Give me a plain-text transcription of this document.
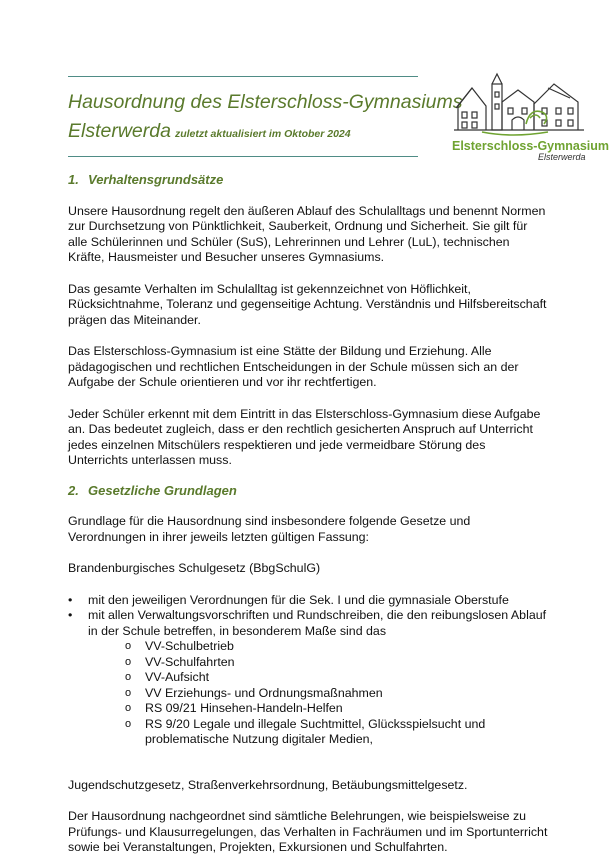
Hausordnung des Elsterschloss-Gymnasiums
Elsterwerda zuletzt aktualisiert im Oktober 2024
Elsterschloss-Gymnasium
Elsterwerda
1. Verhaltensgrundsätze

Unsere Hausordnung regelt den äußeren Ablauf des Schulalltags und benennt Normen zur Durchsetzung von Pünktlichkeit, Sauberkeit, Ordnung und Sicherheit. Sie gilt für alle Schülerinnen und Schüler (SuS), Lehrerinnen und Lehrer (LuL), technischen Kräfte, Hausmeister und Besucher unseres Gymnasiums.

Das gesamte Verhalten im Schulalltag ist gekennzeichnet von Höflichkeit, Rücksichtnahme, Toleranz und gegenseitige Achtung. Verständnis und Hilfsbereitschaft prägen das Miteinander.

Das Elsterschloss-Gymnasium ist eine Stätte der Bildung und Erziehung. Alle pädagogischen und rechtlichen Entscheidungen in der Schule müssen sich an der Aufgabe der Schule orientieren und vor ihr rechtfertigen.

Jeder Schüler erkennt mit dem Eintritt in das Elsterschloss-Gymnasium diese Aufgabe an. Das bedeutet zugleich, dass er den rechtlich gesicherten Anspruch auf Unterricht jedes einzelnen Mitschülers respektieren und jede vermeidbare Störung des Unterrichts unterlassen muss.

2. Gesetzliche Grundlagen

Grundlage für die Hausordnung sind insbesondere folgende Gesetze und Verordnungen in ihrer jeweils letzten gültigen Fassung:

Brandenburgisches Schulgesetz (BbgSchulG)

• mit den jeweiligen Verordnungen für die Sek. I und die gymnasiale Oberstufe
• mit allen Verwaltungsvorschriften und Rundschreiben, die den reibungslosen Ablauf in der Schule betreffen, in besonderem Maße sind das
o VV-Schulbetrieb
o VV-Schulfahrten
o VV-Aufsicht
o VV Erziehungs- und Ordnungsmaßnahmen
o RS 09/21 Hinsehen-Handeln-Helfen
o RS 9/20 Legale und illegale Suchtmittel, Glücksspielsucht und problematische Nutzung digitaler Medien,

Jugendschutzgesetz, Straßenverkehrsordnung, Betäubungsmittelgesetz.

Der Hausordnung nachgeordnet sind sämtliche Belehrungen, wie beispielsweise zu Prüfungs- und Klausurregelungen, das Verhalten in Fachräumen und im Sportunterricht sowie bei Veranstaltungen, Projekten, Exkursionen und Schulfahrten.
